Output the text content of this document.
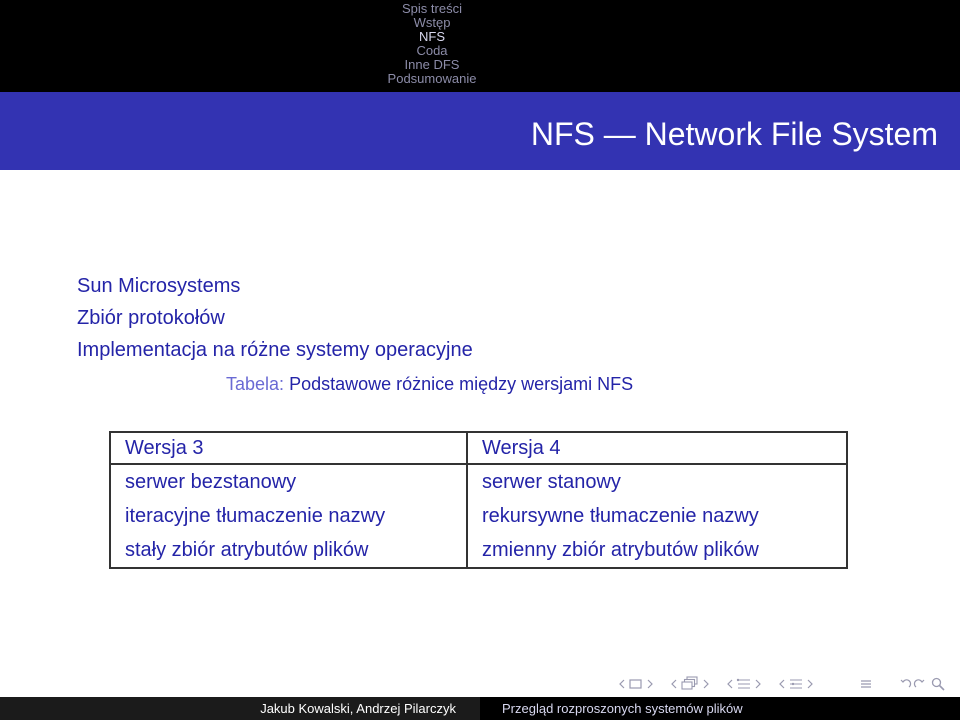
Spis treści
Wstęp
NFS
Coda
Inne DFS
Podsumowanie
NFS — Network File System
Sun Microsystems
Zbiór protokołów
Implementacja na różne systemy operacyjne
Tabela: Podstawowe różnice między wersjami NFS
Wersja 3	Wersja 4
serwer bezstanowy	serwer stanowy
iteracyjne tłumaczenie nazwy	rekursywne tłumaczenie nazwy
stały zbiór atrybutów plików	zmienny zbiór atrybutów plików
Jakub Kowalski, Andrzej Pilarczyk	Przegląd rozproszonych systemów plików
